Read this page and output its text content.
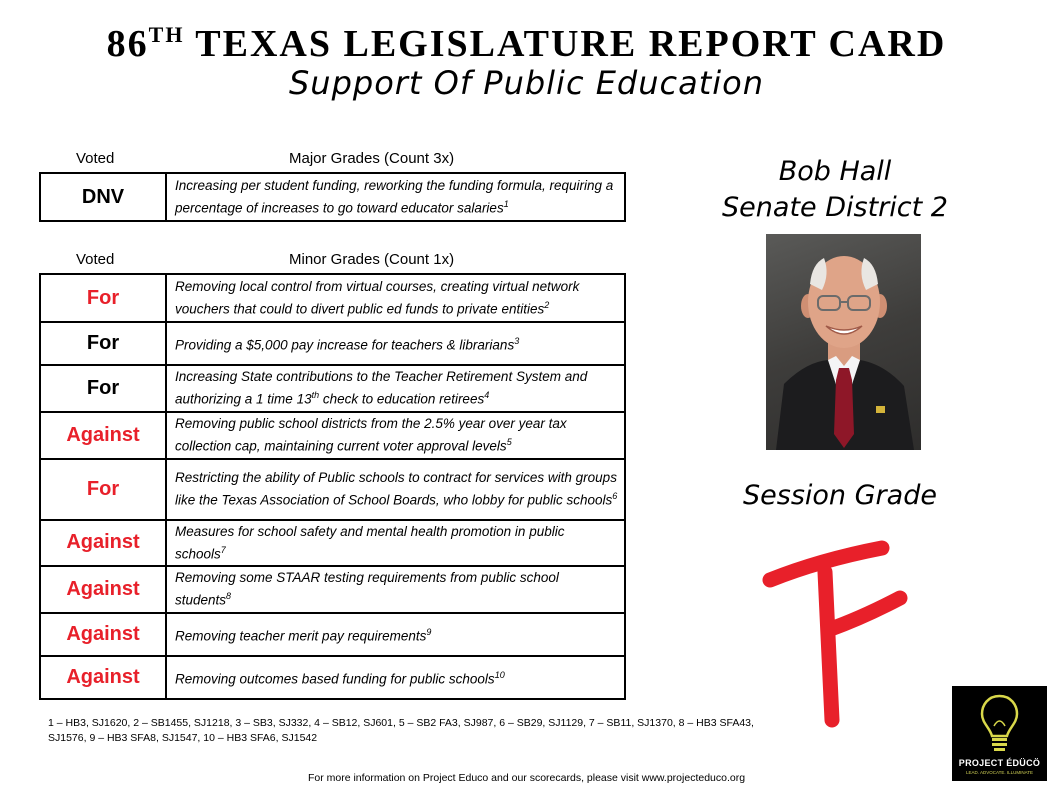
86TH TEXAS LEGISLATURE REPORT CARD
Support Of Public Education
Voted	Major Grades (Count 3x)
DNV	Increasing per student funding, reworking the funding formula, requiring a percentage of increases to go toward educator salaries$^1$
Voted	Minor Grades (Count 1x)
For	Removing local control from virtual courses, creating virtual network vouchers that could to divert public ed funds to private entities$^2$
For	Providing a $5,000 pay increase for teachers & librarians$^3$
For	Increasing State contributions to the Teacher Retirement System and authorizing a 1 time 13th check to education retirees$^4$
Against	Removing public school districts from the 2.5% year over year tax collection cap, maintaining current voter approval levels$^5$
For	Restricting the ability of Public schools to contract for services with groups like the Texas Association of School Boards, who lobby for public schools$^6$
Against	Measures for school safety and mental health promotion in public schools$^7$
Against	Removing some STAAR testing requirements from public school students$^8$
Against	Removing teacher merit pay requirements$^9$
Against	Removing outcomes based funding for public schools$^{10}$
Bob Hall
Senate District 2
Session Grade
PROJECT ÉDÜCÖ
LEAD. ADVOCATE. ILLUMINATE
1 – HB3, SJ1620, 2 – SB1455, SJ1218, 3 – SB3, SJ332, 4 – SB12, SJ601, 5 – SB2 FA3, SJ987, 6 – SB29, SJ1129, 7 – SB11, SJ1370, 8 – HB3 SFA43, SJ1576, 9 – HB3 SFA8, SJ1547, 10 – HB3 SFA6, SJ1542
For more information on Project Educo and our scorecards, please visit www.projecteduco.org
